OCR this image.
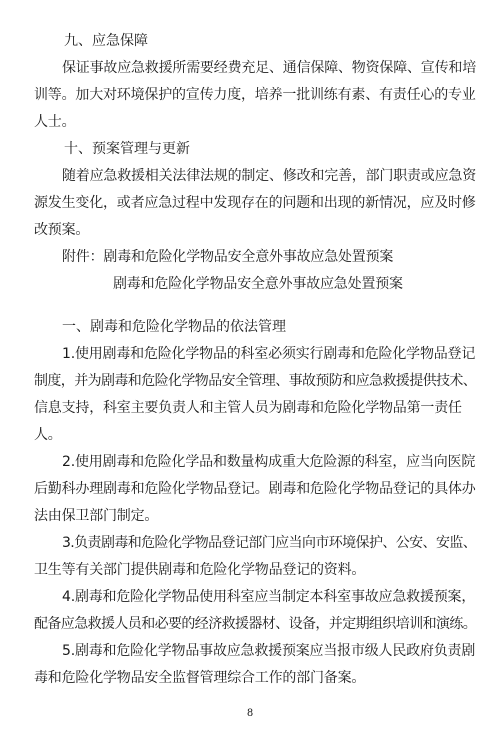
九、应急保障
保证事故应急救援所需要经费充足、通信保障、物资保障、宣传和培
训等。加大对环境保护的宣传力度，培养一批训练有素、有责任心的专业
人士。
十、预案管理与更新
随着应急救援相关法律法规的制定、修改和完善，部门职责或应急资
源发生变化，或者应急过程中发现存在的问题和出现的新情况，应及时修
改预案。
附件：剧毒和危险化学物品安全意外事故应急处置预案
剧毒和危险化学物品安全意外事故应急处置预案
一、剧毒和危险化学物品的依法管理
1.使用剧毒和危险化学物品的科室必须实行剧毒和危险化学物品登记
制度，并为剧毒和危险化学物品安全管理、事故预防和应急救援提供技术、
信息支持，科室主要负责人和主管人员为剧毒和危险化学物品第一责任
人。
2.使用剧毒和危险化学品和数量构成重大危险源的科室，应当向医院
后勤科办理剧毒和危险化学物品登记。剧毒和危险化学物品登记的具体办
法由保卫部门制定。
3.负责剧毒和危险化学物品登记部门应当向市环境保护、公安、安监、
卫生等有关部门提供剧毒和危险化学物品登记的资料。
4.剧毒和危险化学物品使用科室应当制定本科室事故应急救援预案，
配备应急救援人员和必要的经济救援器材、设备，并定期组织培训和演练。
5.剧毒和危险化学物品事故应急救援预案应当报市级人民政府负责剧
毒和危险化学物品安全监督管理综合工作的部门备案。
8
